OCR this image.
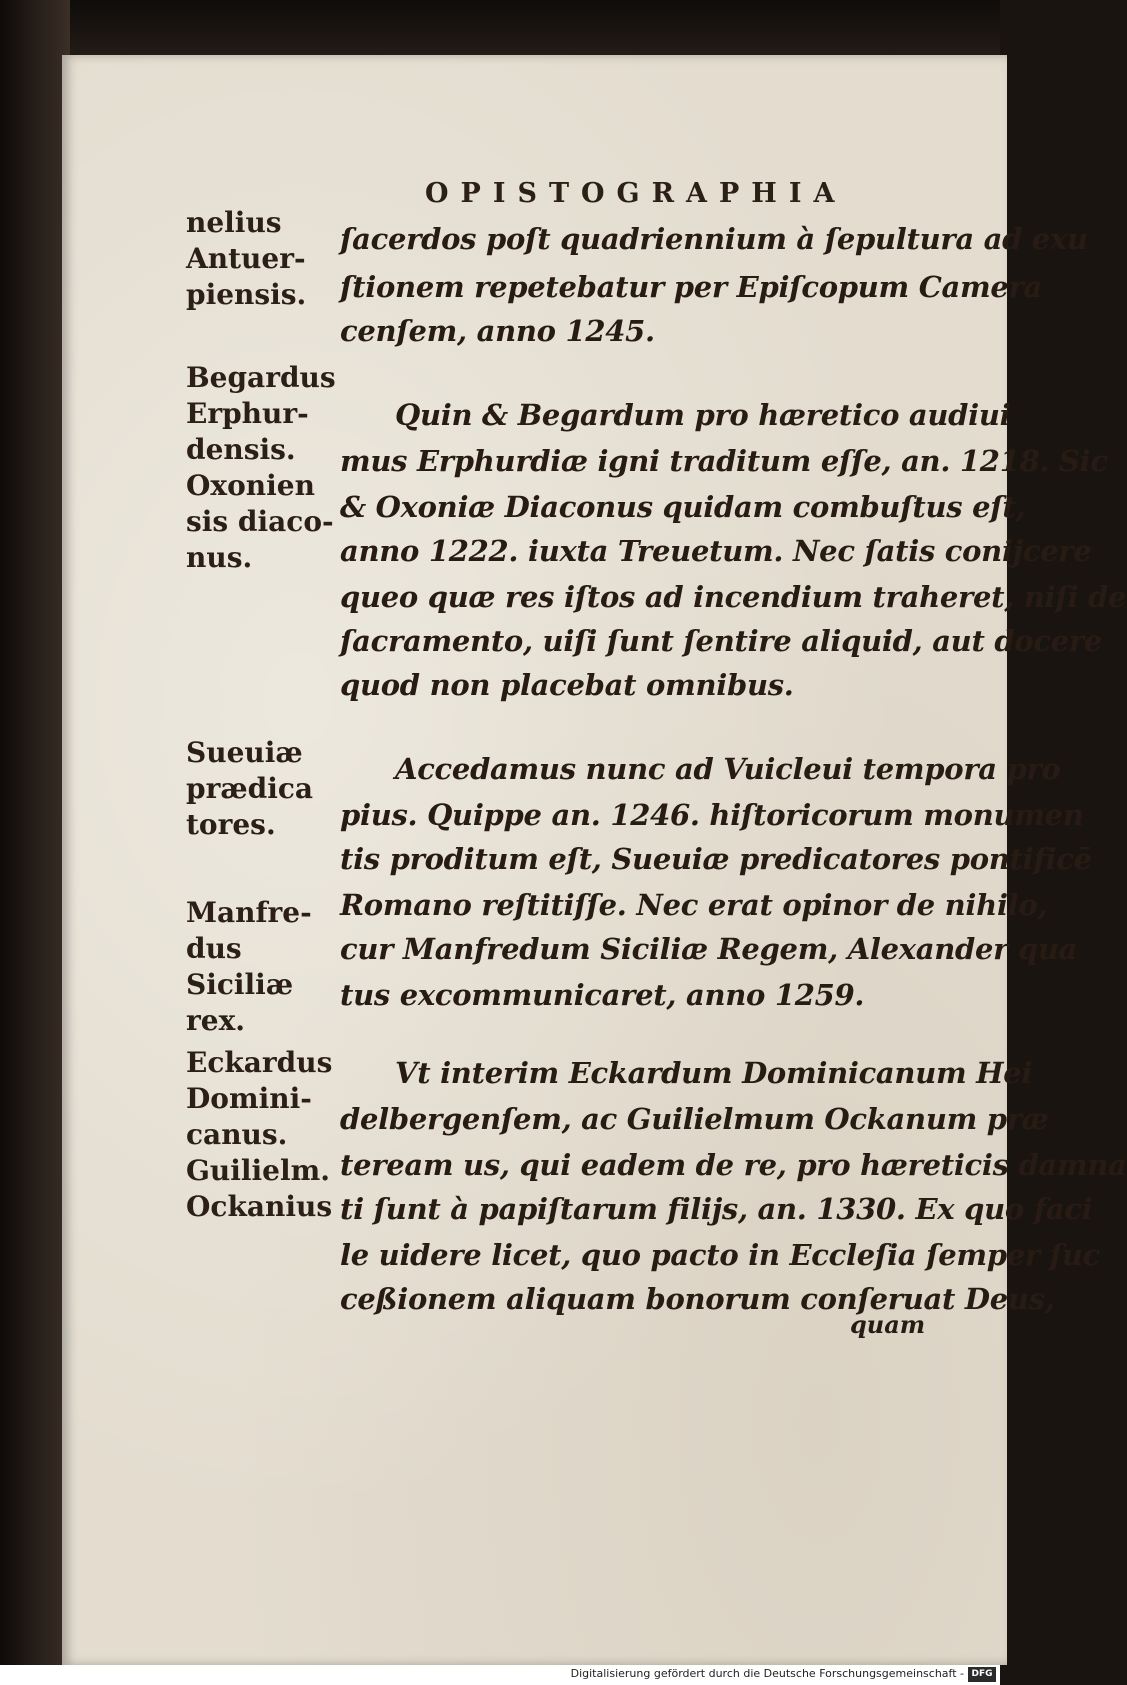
OPISTOGRAPHIA
nelius
Antuer-
piensis.
Begardus
Erphur-
densis.
Oxonien
sis diaco-
nus.
Sueuiæ
prædica
tores.
Manfre-
dus Siciliæ
rex.
Eckardus
Domini-
canus.
Guilielm.
Ockanius
ſacerdos poſt quadriennium à ſepultura ad exu
ſtionem repetebatur per Epiſcopum Camera
cenſem, anno 1245.
Quin & Begardum pro hæretico audiui
mus Erphurdiæ igni traditum eſſe, an. 1218. Sic
& Oxoniæ Diaconus quidam combuſtus eſt,
anno 1222. iuxta Treuetum. Nec ſatis conijcere
queo quæ res iſtos ad incendium traheret, niſi de
ſacramento, uiſi ſunt ſentire aliquid, aut docere
quod non placebat omnibus.
Accedamus nunc ad Vuicleui tempora pro
pius. Quippe an. 1246. hiſtoricorum monumen
tis proditum eſt, Sueuiæ predicatores pontificē
Romano reſtitiſſe. Nec erat opinor de nihilo,
cur Manfredum Siciliæ Regem, Alexander qua
tus excommunicaret, anno 1259.
Vt interim Eckardum Dominicanum Hei
delbergenſem, ac Guilielmum Ockanum præ
teream us, qui eadem de re, pro hæreticis damna
ti ſunt à papiſtarum filijs, an. 1330. Ex quo faci
le uidere licet, quo pacto in Eccleſia ſemper ſuc
ceßionem aliquam bonorum conſeruat Deus,
quam
Digitalisierung gefördert durch die Deutsche Forschungsgemeinschaft - DFG
